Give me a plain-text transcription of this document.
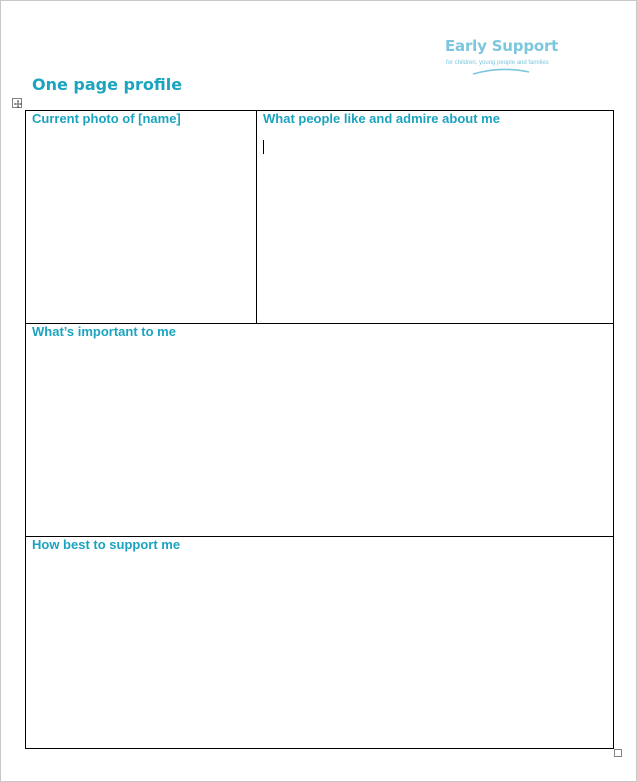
Early Support
for children, young people and families
One page profile
Current photo of [name]	What people like and admire about me
What’s important to me
How best to support me
